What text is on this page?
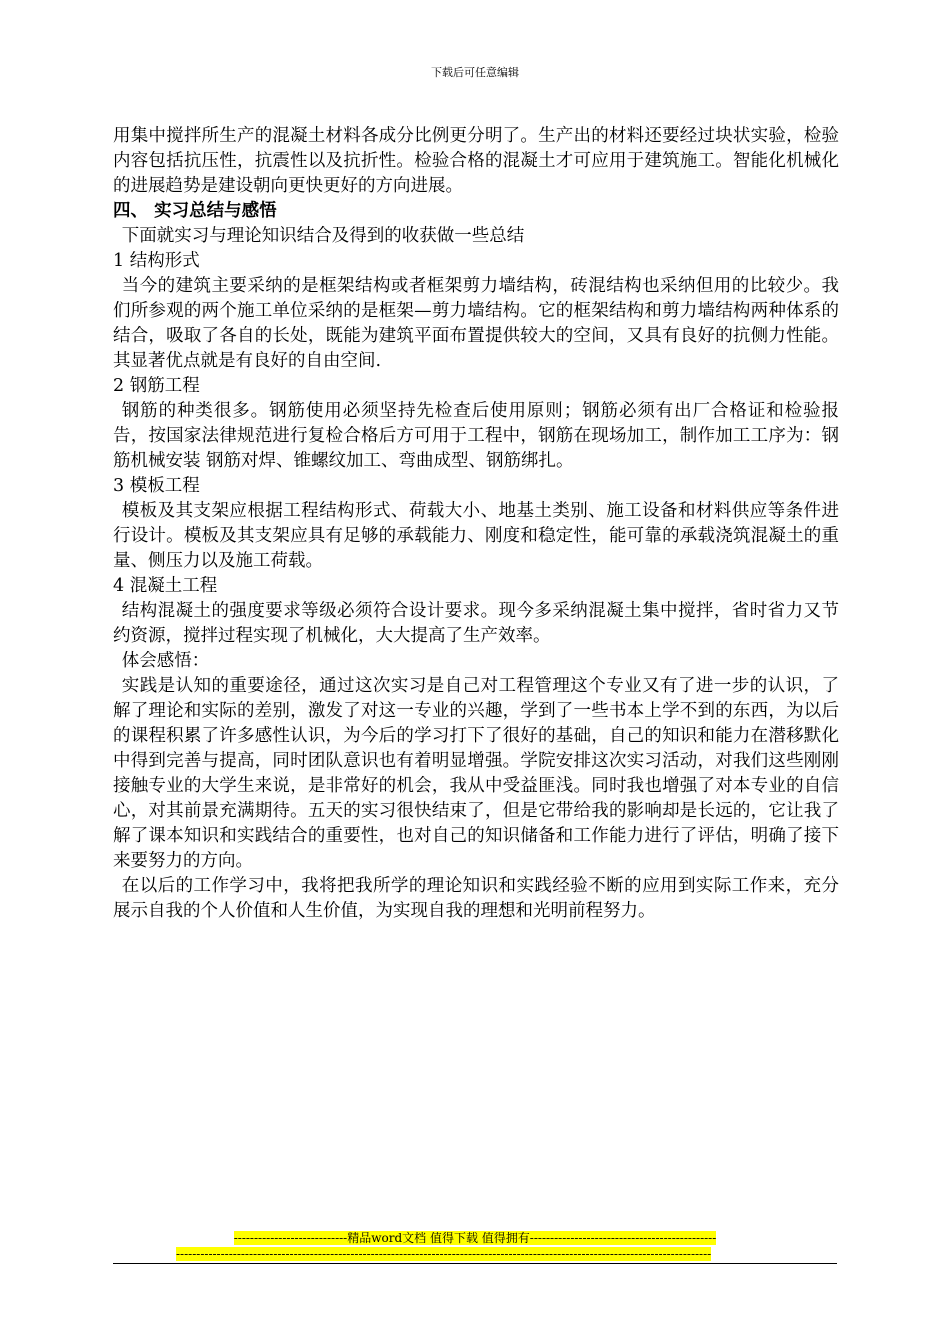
下载后可任意编辑

用集中搅拌所生产的混凝土材料各成分比例更分明了。生产出的材料还要经过块状实验，检验内容包括抗压性，抗震性以及抗折性。检验合格的混凝土才可应用于建筑施工。智能化机械化的进展趋势是建设朝向更快更好的方向进展。

四、 实习总结与感悟

下面就实习与理论知识结合及得到的收获做一些总结

1 结构形式

当今的建筑主要采纳的是框架结构或者框架剪力墙结构，砖混结构也采纳但用的比较少。我们所参观的两个施工单位采纳的是框架—剪力墙结构。它的框架结构和剪力墙结构两种体系的结合，吸取了各自的长处，既能为建筑平面布置提供较大的空间，又具有良好的抗侧力性能。其显著优点就是有良好的自由空间.

2 钢筋工程

钢筋的种类很多。钢筋使用必须坚持先检查后使用原则；钢筋必须有出厂合格证和检验报告，按国家法律规范进行复检合格后方可用于工程中，钢筋在现场加工，制作加工工序为：钢筋机械安装 钢筋对焊、锥螺纹加工、弯曲成型、钢筋绑扎。

3 模板工程

模板及其支架应根据工程结构形式、荷载大小、地基土类别、施工设备和材料供应等条件进行设计。模板及其支架应具有足够的承载能力、刚度和稳定性，能可靠的承载浇筑混凝土的重量、侧压力以及施工荷载。

4 混凝土工程

结构混凝土的强度要求等级必须符合设计要求。现今多采纳混凝土集中搅拌，省时省力又节约资源，搅拌过程实现了机械化，大大提高了生产效率。

体会感悟：

实践是认知的重要途径，通过这次实习是自己对工程管理这个专业又有了进一步的认识，了解了理论和实际的差别，激发了对这一专业的兴趣，学到了一些书本上学不到的东西，为以后的课程积累了许多感性认识，为今后的学习打下了很好的基础，自己的知识和能力在潜移默化中得到完善与提高，同时团队意识也有着明显增强。学院安排这次实习活动，对我们这些刚刚接触专业的大学生来说，是非常好的机会，我从中受益匪浅。同时我也增强了对本专业的自信心，对其前景充满期待。五天的实习很快结束了，但是它带给我的影响却是长远的，它让我了解了课本知识和实践结合的重要性，也对自己的知识储备和工作能力进行了评估，明确了接下来要努力的方向。

在以后的工作学习中，我将把我所学的理论知识和实践经验不断的应用到实际工作来，充分展示自我的个人价值和人生价值，为实现自我的理想和光明前程努力。

----------------------------精品word文档 值得下载 值得拥有----------------------------------------------
------------------------------------------------------------------------------------------------------------------------------------
